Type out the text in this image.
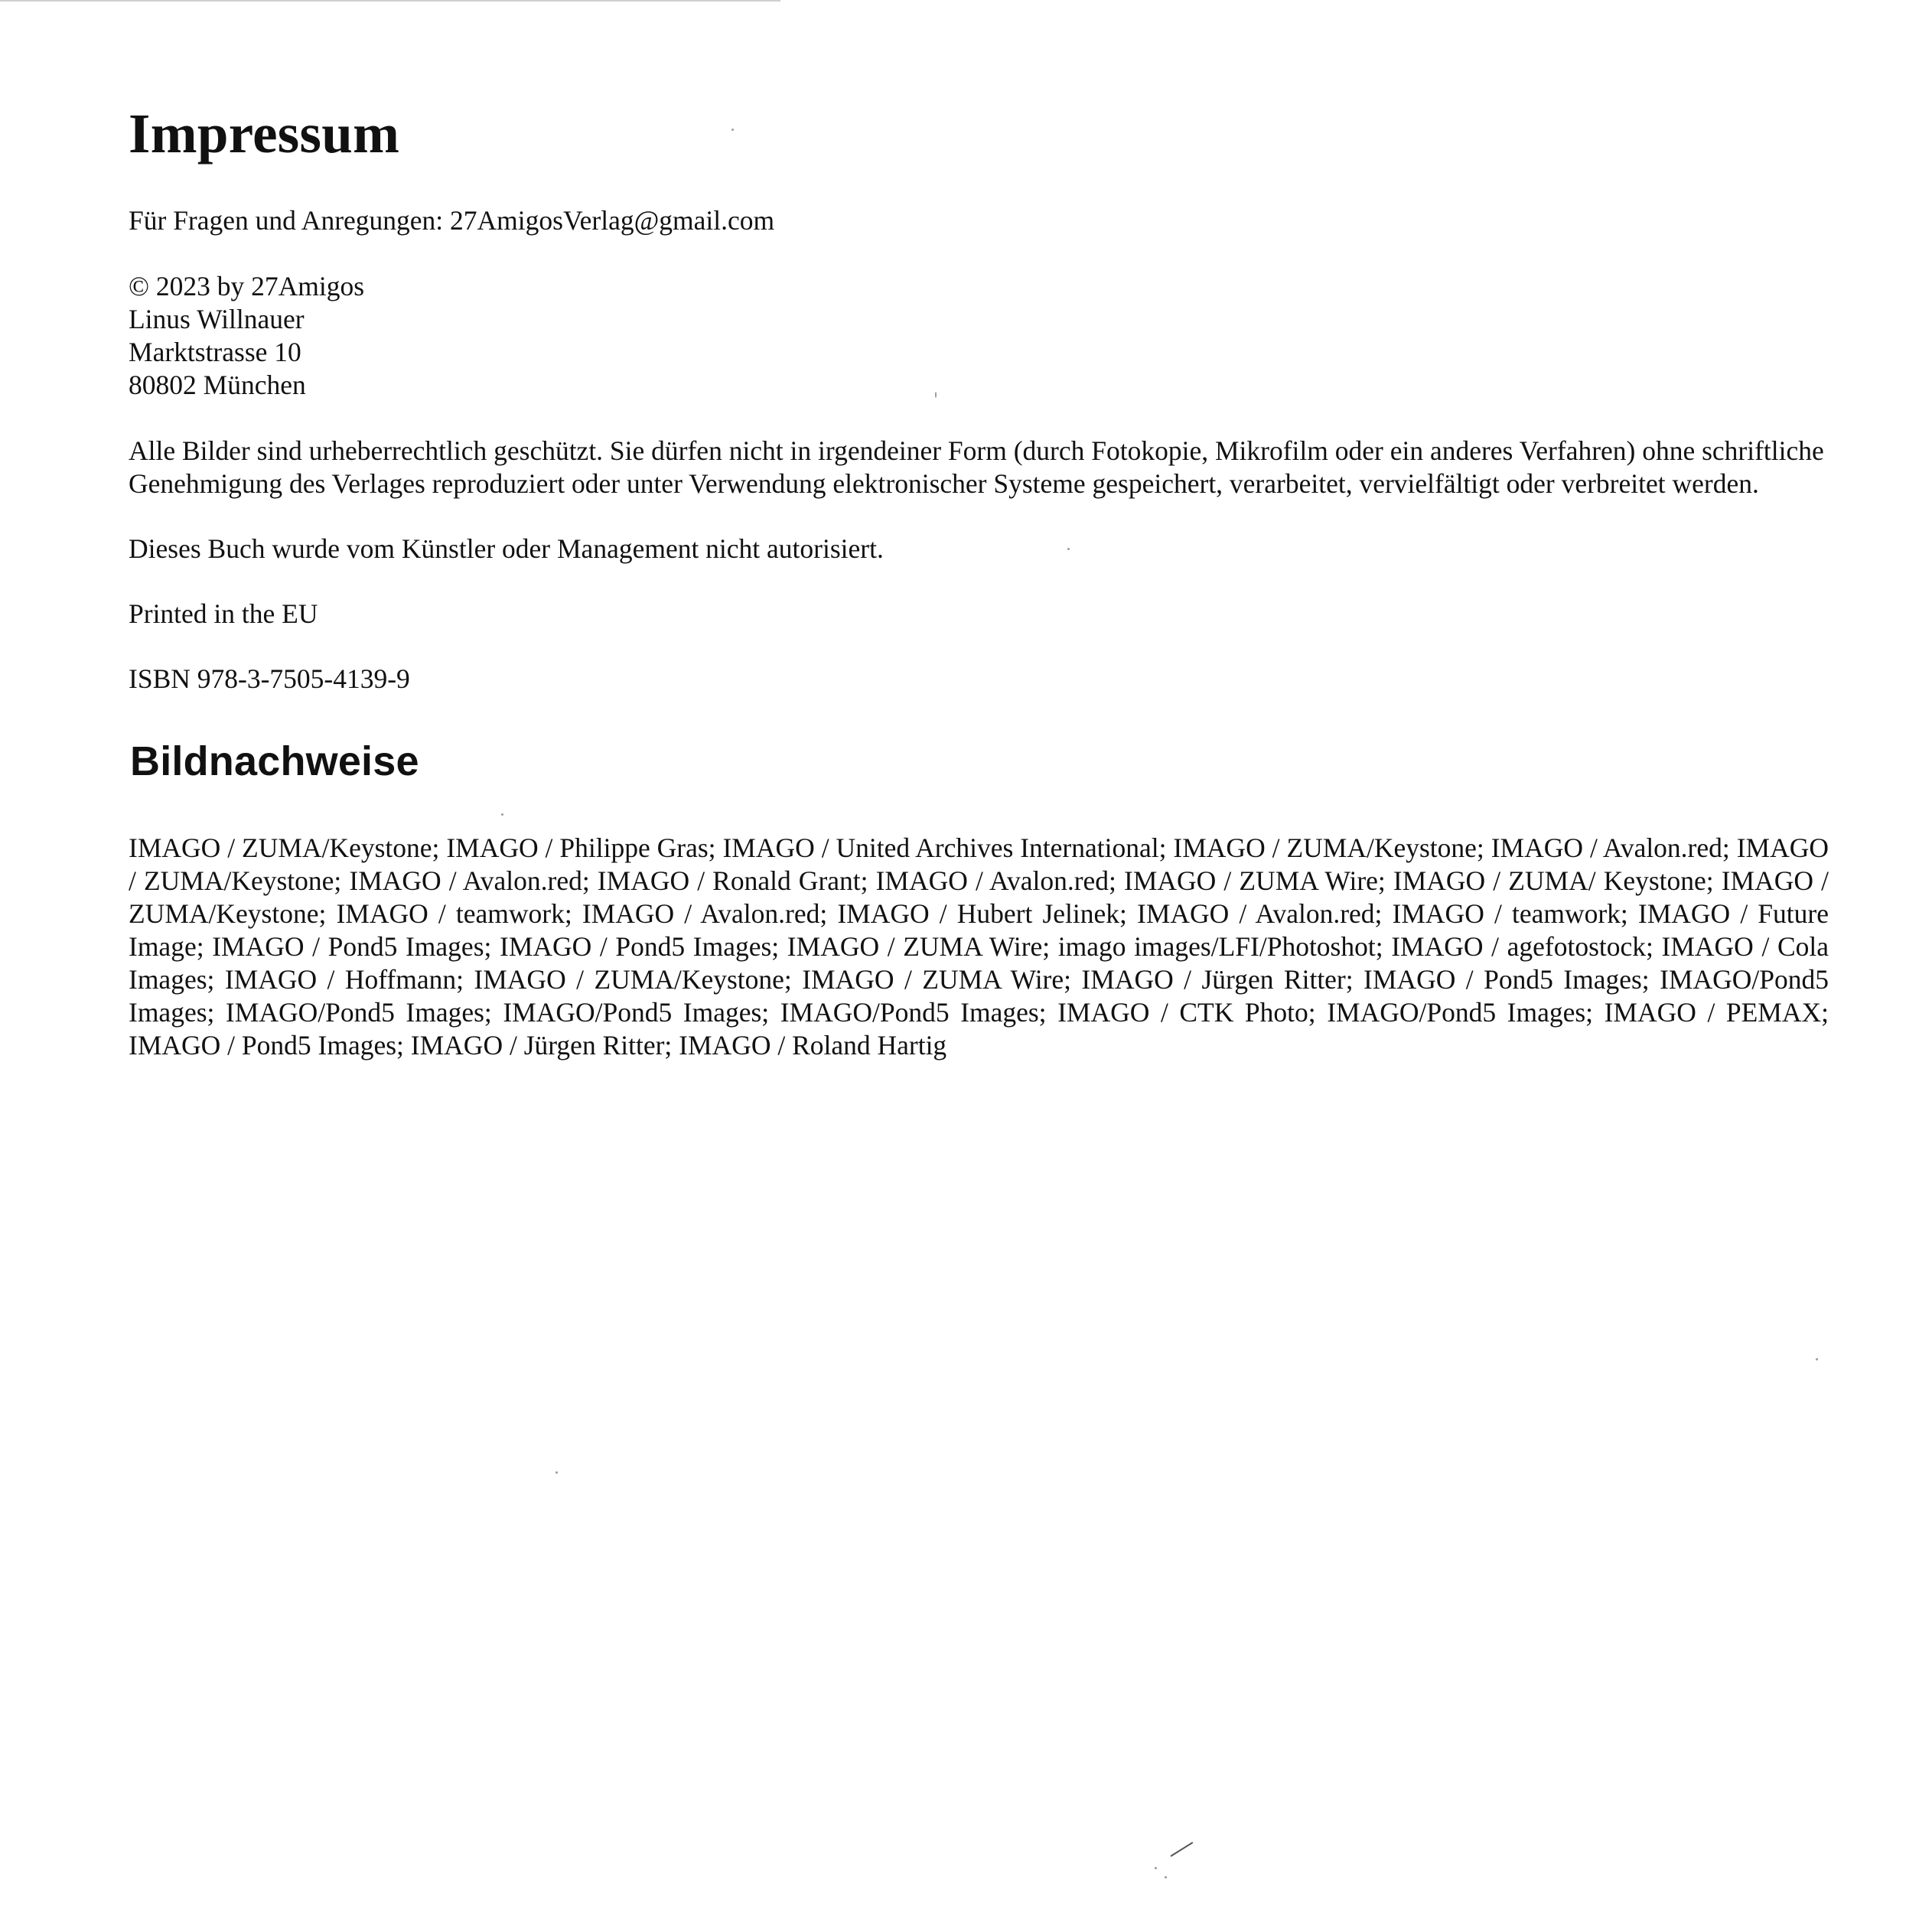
Impressum

Für Fragen und Anregungen: 27AmigosVerlag@gmail.com

© 2023 by 27Amigos
Linus Willnauer
Marktstrasse 10
80802 München

Alle Bilder sind urheberrechtlich geschützt. Sie dürfen nicht in irgendeiner Form (durch Fotokopie, Mikrofilm oder ein anderes Verfahren) ohne schriftliche Genehmigung des Verlages reproduziert oder unter Verwendung elektronischer Systeme gespeichert, verarbeitet, vervielfältigt oder verbreitet werden.

Dieses Buch wurde vom Künstler oder Management nicht autorisiert.

Printed in the EU

ISBN 978-3-7505-4139-9

Bildnachweise

IMAGO / ZUMA/Keystone; IMAGO / Philippe Gras; IMAGO / United Archives International; IMAGO / ZUMA/Keystone; IMAGO / Avalon.red; IMAGO / ZUMA/Keystone; IMAGO / Avalon.red; IMAGO / Ronald Grant; IMAGO / Avalon.red; IMAGO / ZUMA Wire; IMAGO / ZUMA/ Keystone; IMAGO / ZUMA/Keystone; IMAGO / teamwork; IMAGO / Avalon.red; IMAGO / Hubert Jelinek; IMAGO / Avalon.red; IMAGO / teamwork; IMAGO / Future Image; IMAGO / Pond5 Images; IMAGO / Pond5 Images; IMAGO / ZUMA Wire; imago images/LFI/Photoshot; IMAGO / agefotostock; IMAGO / Cola Images; IMAGO / Hoffmann; IMAGO / ZUMA/Keystone; IMAGO / ZUMA Wire; IMAGO / Jürgen Ritter; IMAGO / Pond5 Images; IMAGO/Pond5 Images; IMAGO/Pond5 Images; IMAGO/Pond5 Images; IMAGO/Pond5 Images; IMAGO / CTK Photo; IMAGO/Pond5 Images; IMAGO / PEMAX; IMAGO / Pond5 Images; IMAGO / Jürgen Ritter; IMAGO / Roland Hartig
